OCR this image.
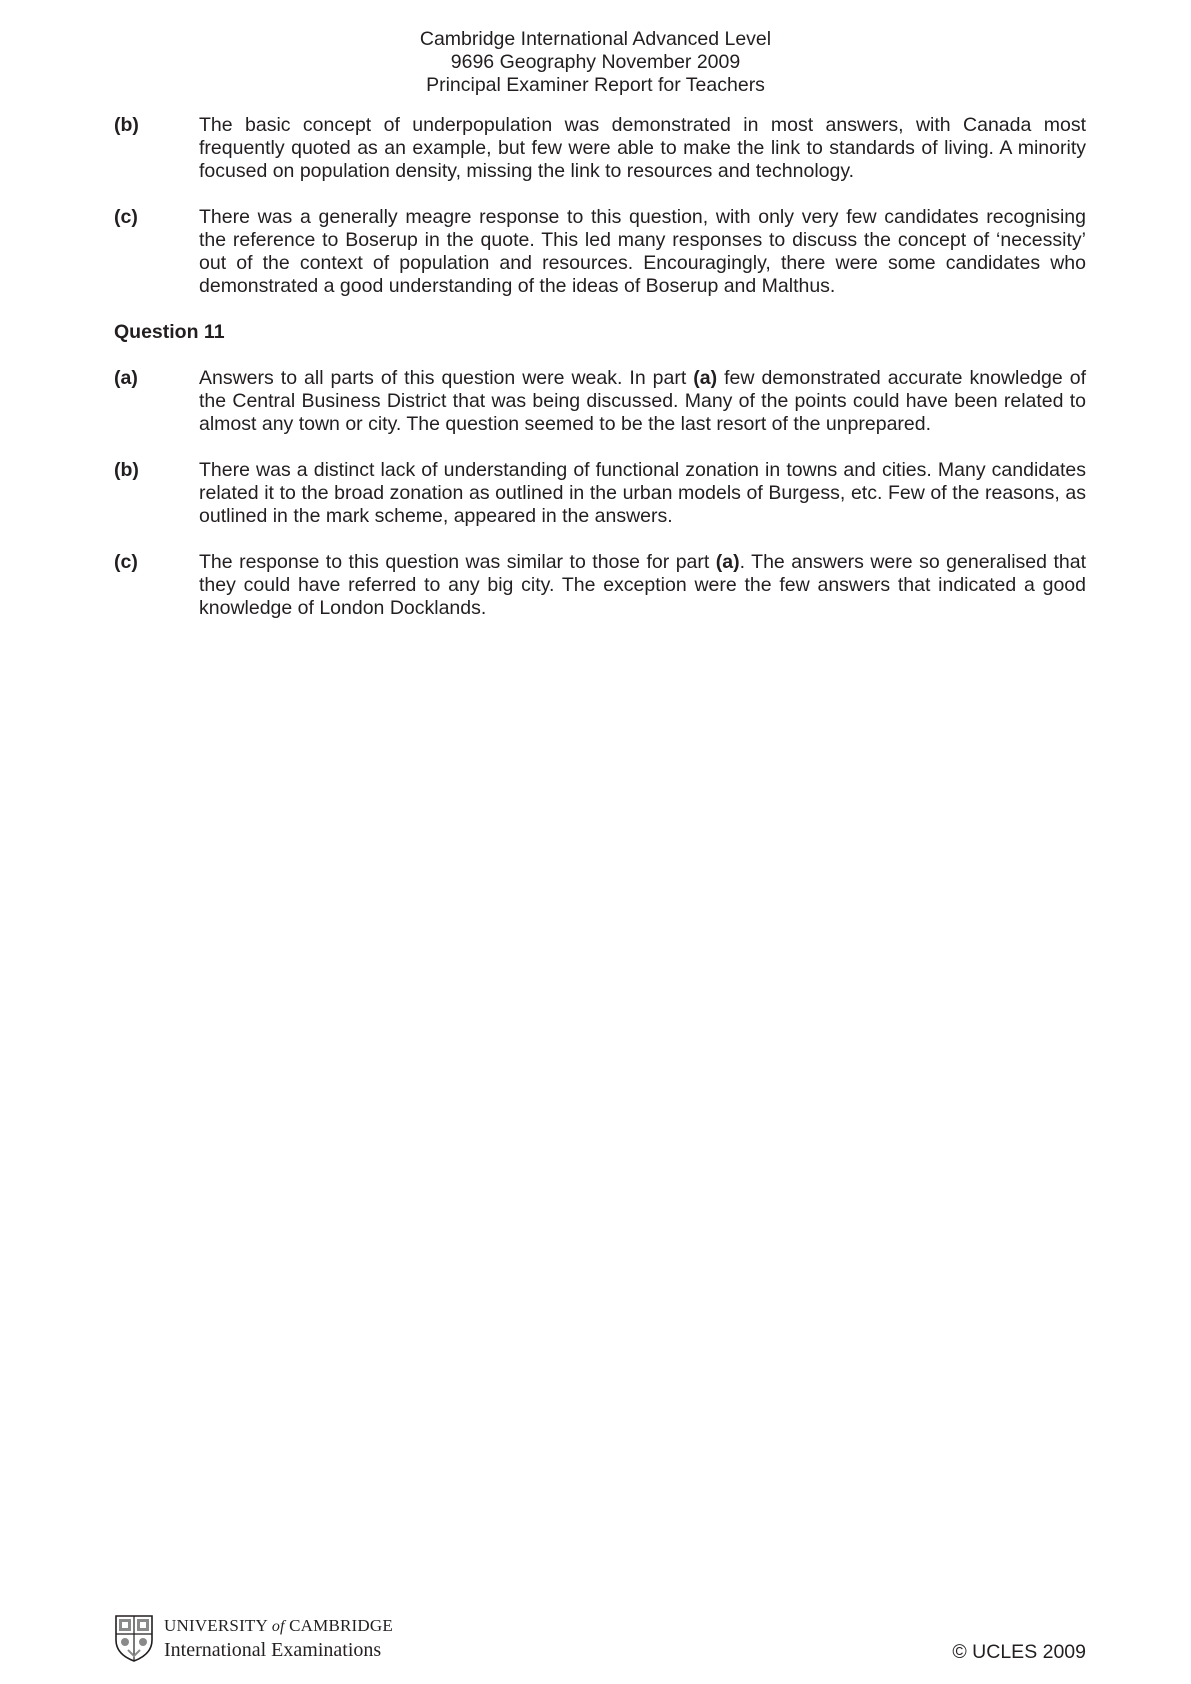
Cambridge International Advanced Level
9696 Geography November 2009
Principal Examiner Report for Teachers
(b)	The basic concept of underpopulation was demonstrated in most answers, with Canada most frequently quoted as an example, but few were able to make the link to standards of living. A minority focused on population density, missing the link to resources and technology.
(c)	There was a generally meagre response to this question, with only very few candidates recognising the reference to Boserup in the quote. This led many responses to discuss the concept of ‘necessity’ out of the context of population and resources. Encouragingly, there were some candidates who demonstrated a good understanding of the ideas of Boserup and Malthus.
Question 11
(a)	Answers to all parts of this question were weak. In part (a) few demonstrated accurate knowledge of the Central Business District that was being discussed. Many of the points could have been related to almost any town or city. The question seemed to be the last resort of the unprepared.
(b)	There was a distinct lack of understanding of functional zonation in towns and cities. Many candidates related it to the broad zonation as outlined in the urban models of Burgess, etc. Few of the reasons, as outlined in the mark scheme, appeared in the answers.
(c)	The response to this question was similar to those for part (a). The answers were so generalised that they could have referred to any big city. The exception were the few answers that indicated a good knowledge of London Docklands.
UNIVERSITY of CAMBRIDGE
International Examinations	© UCLES 2009
